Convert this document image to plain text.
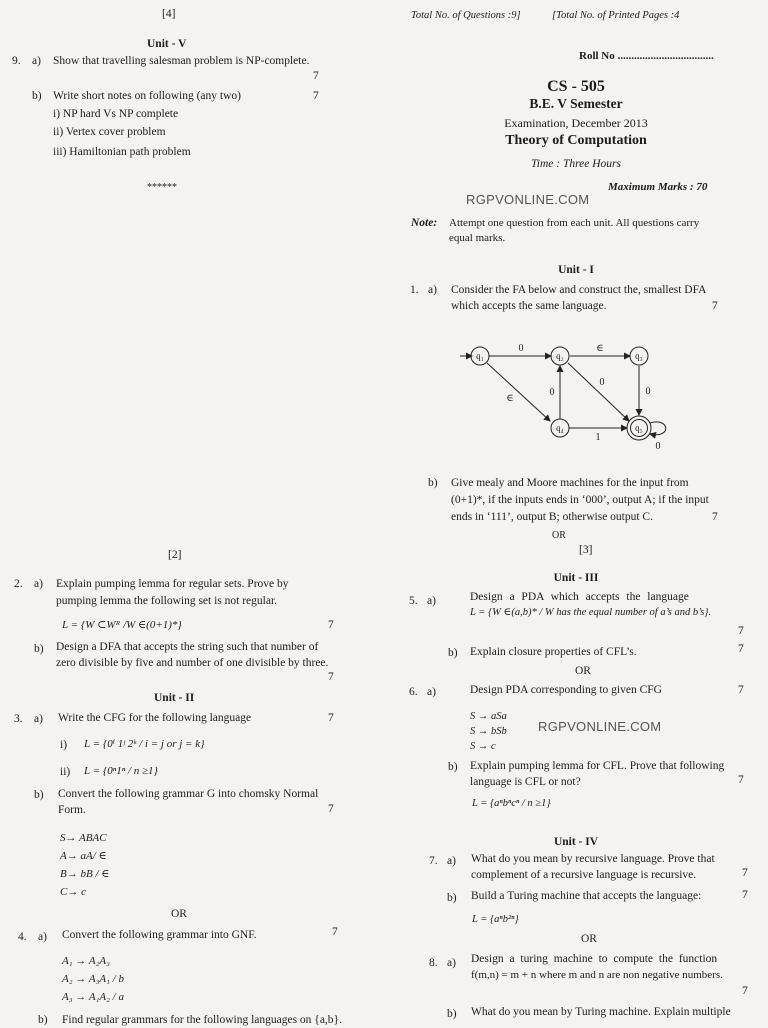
[4]
Unit - V
9. a) Show that travelling salesman problem is NP-complete.
7
b) Write short notes on following (any two)	7
i) NP hard Vs NP complete
ii) Vertex cover problem
iii) Hamiltonian path problem
******
[2]
2. a) Explain pumping lemma for regular sets. Prove by
pumping lemma the following set is not regular.
L = {W ⊂Wᴿ /W ∈(0+1)*}	7
b) Design a DFA that accepts the string such that number of
zero divisible by five and number of one divisible by three.
7
Unit - II
3. a) Write the CFG for the following language	7
i) L = {0ⁱ 1ʲ 2ᵏ / i = j or j = k}
ii) L = {0ⁿ1ⁿ / n ≥1}
b) Convert the following grammar G into chomsky Normal
Form.	7
S→ ABAC
A→ aA/ ∈
B→ bB / ∈
C→ c
OR
4. a) Convert the following grammar into GNF.	7
A₁ → A₂A₃
A₂ → A₃A₁ / b
A₃ → A₁A₂ / a
b) Find regular grammars for the following languages on {a,b}.
Total No. of Questions :9]	[Total No. of Printed Pages :4
Roll No ...................................
CS - 505
B.E. V Semester
Examination, December 2013
Theory of Computation
Time : Three Hours
RGPVONLINE.COM
Maximum Marks : 70
Note: Attempt one question from each unit. All questions carry
equal marks.
Unit - I
1. a) Consider the FA below and construct the, smallest DFA
which accepts the same language.	7
q₁	q₂	q₃
q₄	q₅
0	∈
∈
0
0
0
1
0
b) Give mealy and Moore machines for the input from
(0+1)*, if the inputs ends in ‘000’, output A; if the input
ends in ‘111’, output B; otherwise output C.	7
OR
[3]
Unit - III
5. a)	Design a PDA which accepts the language
L = {W ∈(a,b)* / W has the equal number of a’s and b’s}.
7
b) Explain closure properties of CFL’s.	7
OR
6. a)	Design PDA corresponding to given CFG	7
S → aSa
S → bSb
S → c
RGPVONLINE.COM
b) Explain pumping lemma for CFL. Prove that following
language is CFL or not?	7
L = {aⁿbⁿcⁿ / n ≥1}
Unit - IV
7. a) What do you mean by recursive language. Prove that
complement of a recursive language is recursive.	7
b) Build a Turing machine that accepts the language:	7
L = {aⁿb²ⁿ}
OR
8. a) Design a turing machine to compute the function
f(m,n) = m + n where m and n are non negative numbers.
7
b) What do you mean by Turing machine. Explain multiple
